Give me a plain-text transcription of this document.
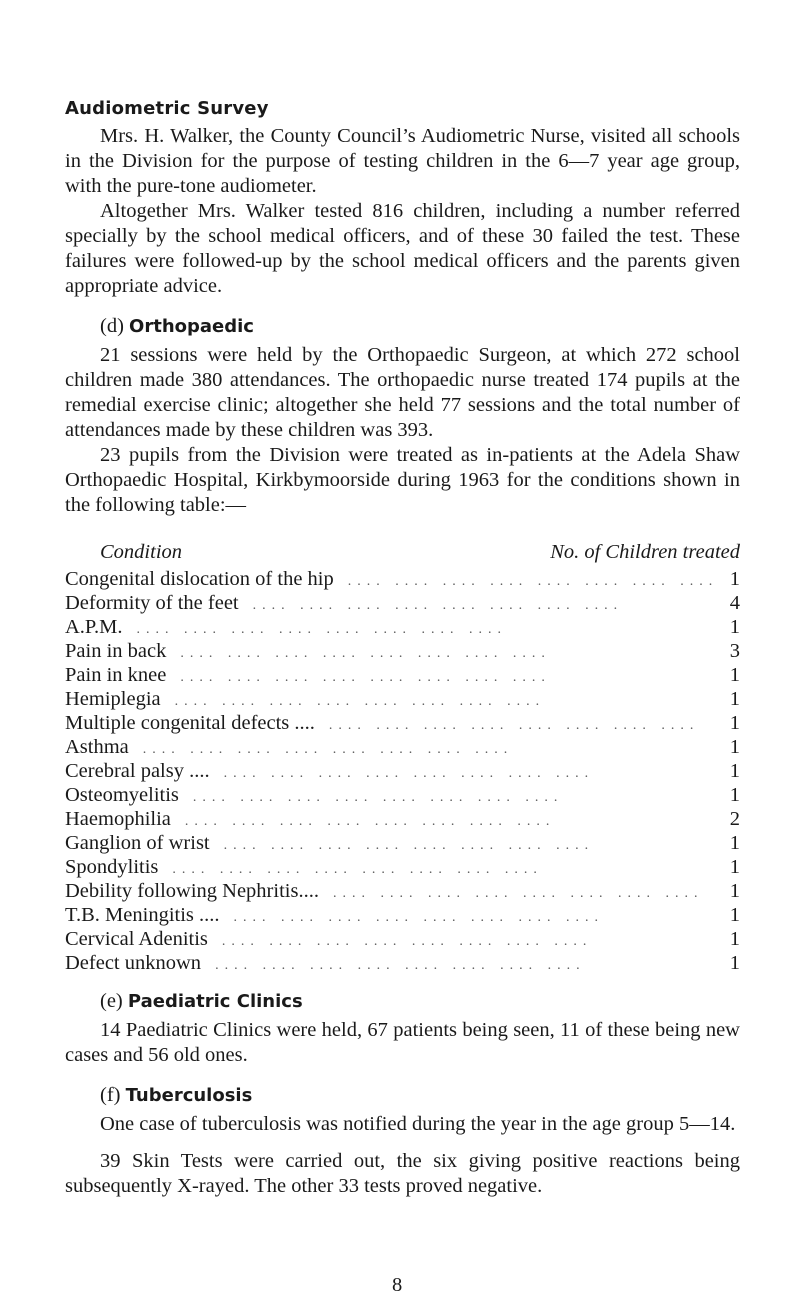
Audiometric Survey

Mrs. H. Walker, the County Council’s Audiometric Nurse, visited all schools in the Division for the purpose of testing children in the 6—7 year age group, with the pure-tone audiometer.

Altogether Mrs. Walker tested 816 children, including a number referred specially by the school medical officers, and of these 30 failed the test. These failures were followed-up by the school medical officers and the parents given appropriate advice.

(d) Orthopaedic

21 sessions were held by the Orthopaedic Surgeon, at which 272 school children made 380 attendances. The orthopaedic nurse treated 174 pupils at the remedial exercise clinic; altogether she held 77 sessions and the total number of attendances made by these children was 393.

23 pupils from the Division were treated as in-patients at the Adela Shaw Orthopaedic Hospital, Kirkbymoorside during 1963 for the conditions shown in the following table:—

Condition	No. of Children treated
Congenital dislocation of the hip	.... .... .... .... .... .... .... .... 1
Deformity of the feet	.... .... .... .... .... .... .... ....	4
A.P.M.	.... .... .... .... .... .... .... ....	1
Pain in back	.... .... .... .... .... .... .... ....	3
Pain in knee	.... .... .... .... .... .... .... ....	1
Hemiplegia	.... .... .... .... .... .... .... ....	1
Multiple congenital defects ....	.... .... .... .... .... .... .... ....	1
Asthma	.... .... .... .... .... .... .... ....	1
Cerebral palsy ....	.... .... .... .... .... .... .... ....	1
Osteomyelitis	.... .... .... .... .... .... .... ....	1
Haemophilia	.... .... .... .... .... .... .... ....	2
Ganglion of wrist	.... .... .... .... .... .... .... ....	1
Spondylitis	.... .... .... .... .... .... .... ....	1
Debility following Nephritis....	.... .... .... .... .... .... .... ....	1
T.B. Meningitis ....	.... .... .... .... .... .... .... ....	1
Cervical Adenitis	.... .... .... .... .... .... .... ....	1
Defect unknown	.... .... .... .... .... .... .... ....	1
(e) Paediatric Clinics

14 Paediatric Clinics were held, 67 patients being seen, 11 of these being new cases and 56 old ones.

(f) Tuberculosis

One case of tuberculosis was notified during the year in the age group 5—14.

39 Skin Tests were carried out, the six giving positive reactions being subsequently X-rayed. The other 33 tests proved negative.

8
